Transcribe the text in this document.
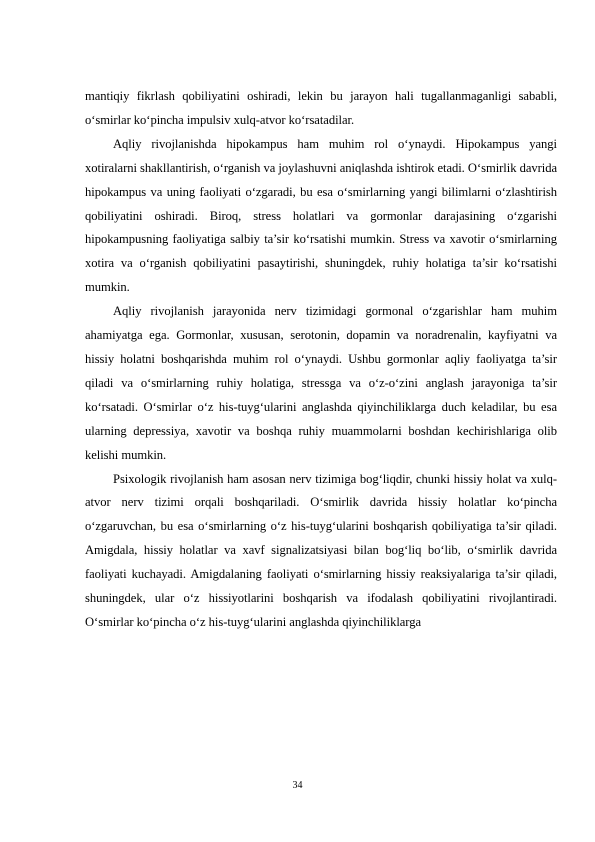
mantiqiy fikrlash qobiliyatini oshiradi, lekin bu jarayon hali tugallanmaganligi sababli, o‘smirlar ko‘pincha impulsiv xulq-atvor ko‘rsatadilar.

Aqliy rivojlanishda hipokampus ham muhim rol o‘ynaydi. Hipokampus yangi xotiralarni shakllantirish, o‘rganish va joylashuvni aniqlashda ishtirok etadi. O‘smirlik davrida hipokampus va uning faoliyati o‘zgaradi, bu esa o‘smirlarning yangi bilimlarni o‘zlashtirish qobiliyatini oshiradi. Biroq, stress holatlari va gormonlar darajasining o‘zgarishi hipokampusning faoliyatiga salbiy ta’sir ko‘rsatishi mumkin. Stress va xavotir o‘smirlarning xotira va o‘rganish qobiliyatini pasaytirishi, shuningdek, ruhiy holatiga ta’sir ko‘rsatishi mumkin.

Aqliy rivojlanish jarayonida nerv tizimidagi gormonal o‘zgarishlar ham muhim ahamiyatga ega. Gormonlar, xususan, serotonin, dopamin va noradrenalin, kayfiyatni va hissiy holatni boshqarishda muhim rol o‘ynaydi. Ushbu gormonlar aqliy faoliyatga ta’sir qiladi va o‘smirlarning ruhiy holatiga, stressga va o‘z-o‘zini anglash jarayoniga ta’sir ko‘rsatadi. O‘smirlar o‘z his-tuyg‘ularini anglashda qiyinchiliklarga duch keladilar, bu esa ularning depressiya, xavotir va boshqa ruhiy muammolarni boshdan kechirishlariga olib kelishi mumkin.

Psixologik rivojlanish ham asosan nerv tizimiga bog‘liqdir, chunki hissiy holat va xulq-atvor nerv tizimi orqali boshqariladi. O‘smirlik davrida hissiy holatlar ko‘pincha o‘zgaruvchan, bu esa o‘smirlarning o‘z his-tuyg‘ularini boshqarish qobiliyatiga ta’sir qiladi. Amigdala, hissiy holatlar va xavf signalizatsiyasi bilan bog‘liq bo‘lib, o‘smirlik davrida faoliyati kuchayadi. Amigdalaning faoliyati o‘smirlarning hissiy reaksiyalariga ta’sir qiladi, shuningdek, ular o‘z hissiyotlarini boshqarish va ifodalash qobiliyatini rivojlantiradi. O‘smirlar ko‘pincha o‘z his-tuyg‘ularini anglashda qiyinchiliklarga

34
